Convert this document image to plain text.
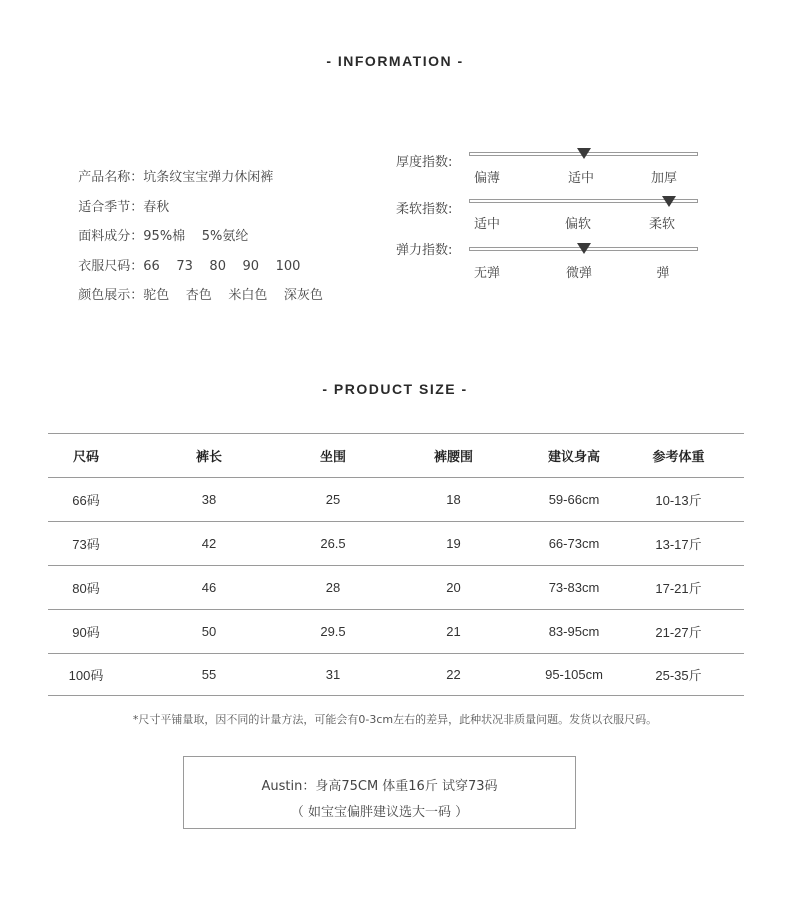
- INFORMATION -

产品名称：坑条纹宝宝弹力休闲裤

适合季节：春秋

面料成分：95%棉    5%氨纶

衣服尺码：66    73    80    90    100

颜色展示：驼色    杏色    米白色    深灰色

厚度指数:
偏薄	适中	加厚
柔软指数:
适中	偏软	柔软
弹力指数:
无弹	微弹	弹
- PRODUCT SIZE -
尺码	裤长	坐围	裤腰围	建议身高	参考体重
66码	38	25	18	59-66cm	10-13斤
73码	42	26.5	19	66-73cm	13-17斤
80码	46	28	20	73-83cm	17-21斤
90码	50	29.5	21	83-95cm	21-27斤
100码	55	31	22	95-105cm	25-35斤
*尺寸平铺量取，因不同的计量方法，可能会有0-3cm左右的差异，此种状况非质量问题。发货以衣服尺码。
Austin：身高75CM 体重16斤 试穿73码
（ 如宝宝偏胖建议选大一码 ）
